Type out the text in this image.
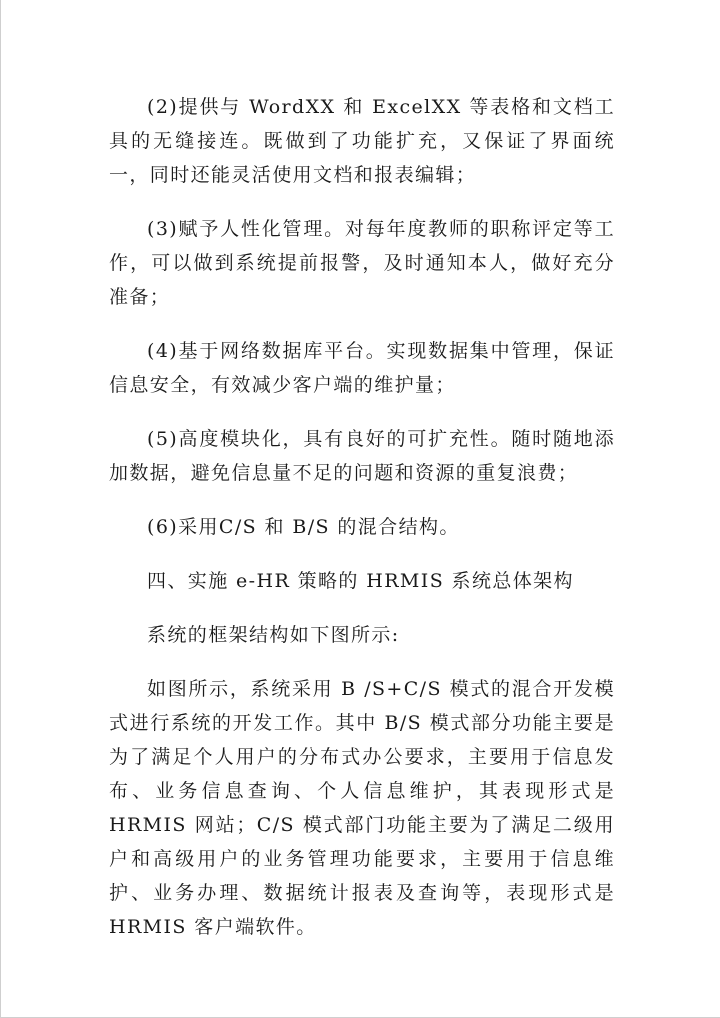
(2)提供与 WordXX 和 ExcelXX 等表格和文档工具的无缝接连。既做到了功能扩充，又保证了界面统一，同时还能灵活使用文档和报表编辑；

(3)赋予人性化管理。对每年度教师的职称评定等工作，可以做到系统提前报警，及时通知本人，做好充分准备；

(4)基于网络数据库平台。实现数据集中管理，保证信息安全，有效减少客户端的维护量；

(5)高度模块化，具有良好的可扩充性。随时随地添加数据，避免信息量不足的问题和资源的重复浪费；

(6)采用C/S 和 B/S 的混合结构。

四、实施 e-HR 策略的 HRMIS 系统总体架构

系统的框架结构如下图所示:

如图所示，系统采用 B /S+C/S 模式的混合开发模式进行系统的开发工作。其中 B/S 模式部分功能主要是为了满足个人用户的分布式办公要求，主要用于信息发布、业务信息查询、个人信息维护，其表现形式是 HRMIS 网站；C/S 模式部门功能主要为了满足二级用户和高级用户的业务管理功能要求，主要用于信息维护、业务办理、数据统计报表及查询等，表现形式是 HRMIS 客户端软件。
